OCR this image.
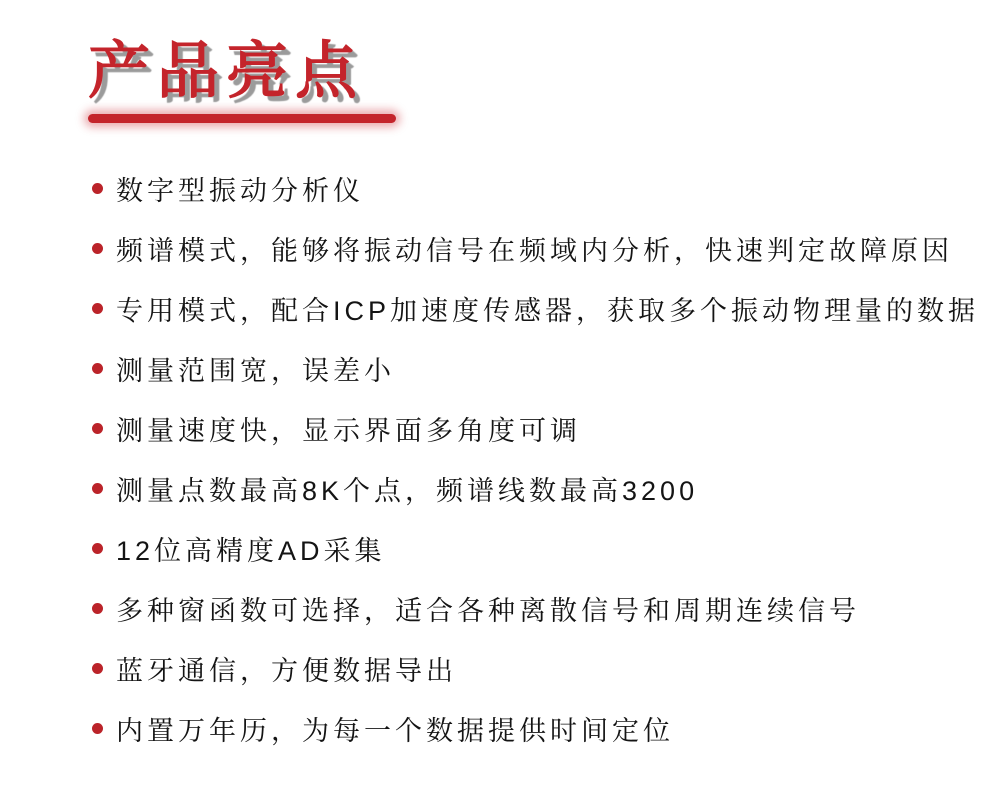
产品亮点
数字型振动分析仪
频谱模式，能够将振动信号在频域内分析，快速判定故障原因
专用模式，配合ICP加速度传感器，获取多个振动物理量的数据
测量范围宽，误差小
测量速度快，显示界面多角度可调
测量点数最高8K个点，频谱线数最高3200
12位高精度AD采集
多种窗函数可选择，适合各种离散信号和周期连续信号
蓝牙通信，方便数据导出
内置万年历，为每一个数据提供时间定位
